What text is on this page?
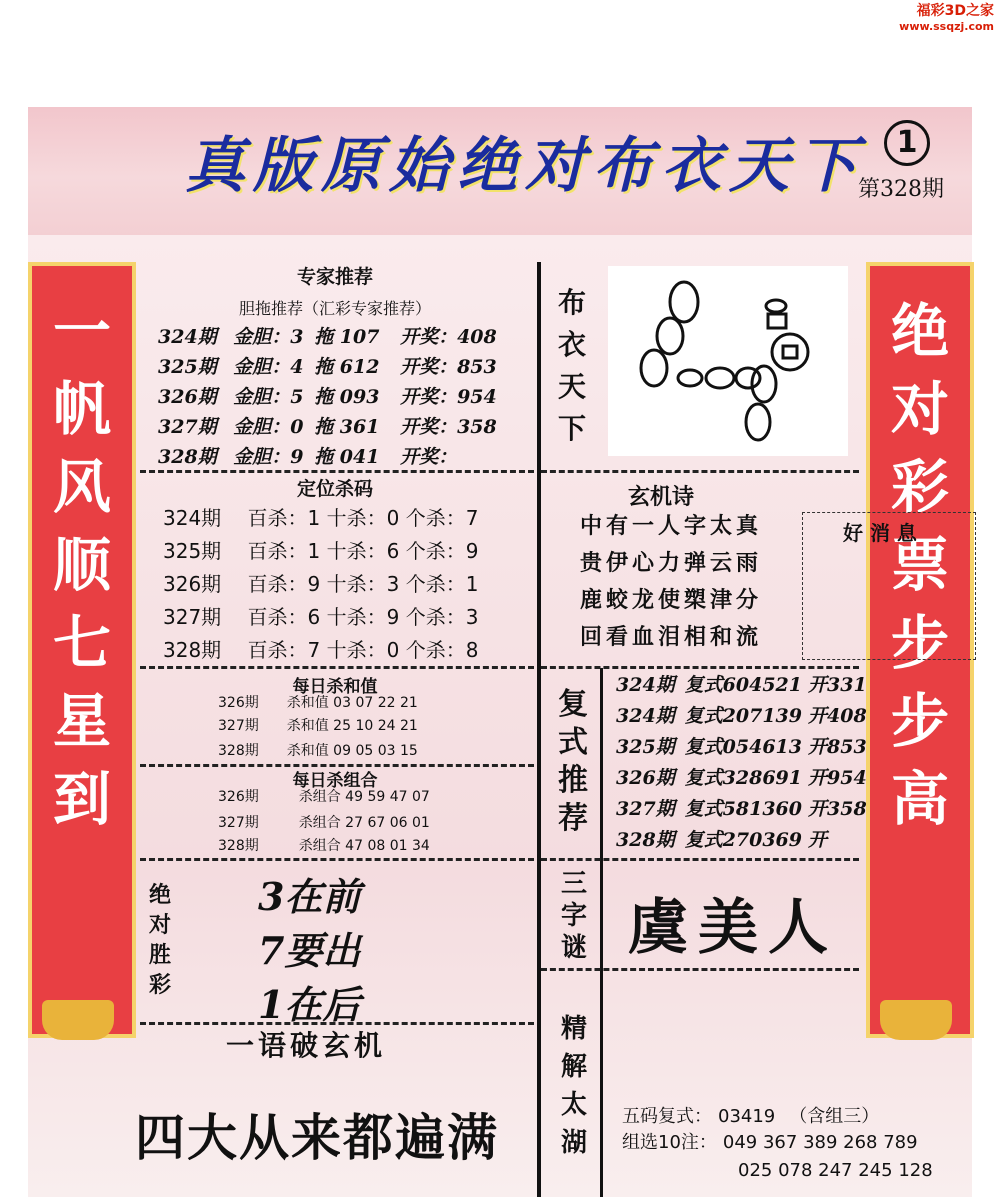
福彩3D之家
www.ssqzj.com
真版原始绝对布衣天下	1
第328期
一
帆
风
顺
七
星
到
绝
对
彩
票
步
步
高
专家推荐
胆拖推荐（汇彩专家推荐）
324期 金胆：3 拖 107 开奖：408
325期 金胆：4 拖 612 开奖：853
326期 金胆：5 拖 093 开奖：954
327期 金胆：0 拖 361 开奖：358
328期 金胆：9 拖 041 开奖：
定位杀码
324期 百杀：1 十杀：0 个杀：7
325期 百杀：1 十杀：6 个杀：9
326期 百杀：9 十杀：3 个杀：1
327期 百杀：6 十杀：9 个杀：3
328期 百杀：7 十杀：0 个杀：8
每日杀和值
326期 杀和值 03 07 22 21
327期 杀和值 25 10 24 21
328期 杀和值 09 05 03 15
每日杀组合
326期	杀组合 49 59 47 07
327期	杀组合 27 67 06 01
328期	杀组合 47 08 01 34
绝
对
胜
彩
3在前
7要出
1在后
一语破玄机
四大从来都遍满
布
衣
天
下
玄机诗
中有一人字太真
贵伊心力弹云雨
鹿蛟龙使槊津分
回看血泪相和流
好 消 息
复
式
推
荐
324期 复式604521 开331
324期 复式207139 开408
325期 复式054613 开853
326期 复式328691 开954
327期 复式581360 开358
328期 复式270369 开
三
字
谜 虞美人
精
解
太
湖
五码复式： 03419 （含组三）
组选10注： 049 367 389 268 789
025 078 247 245 128
